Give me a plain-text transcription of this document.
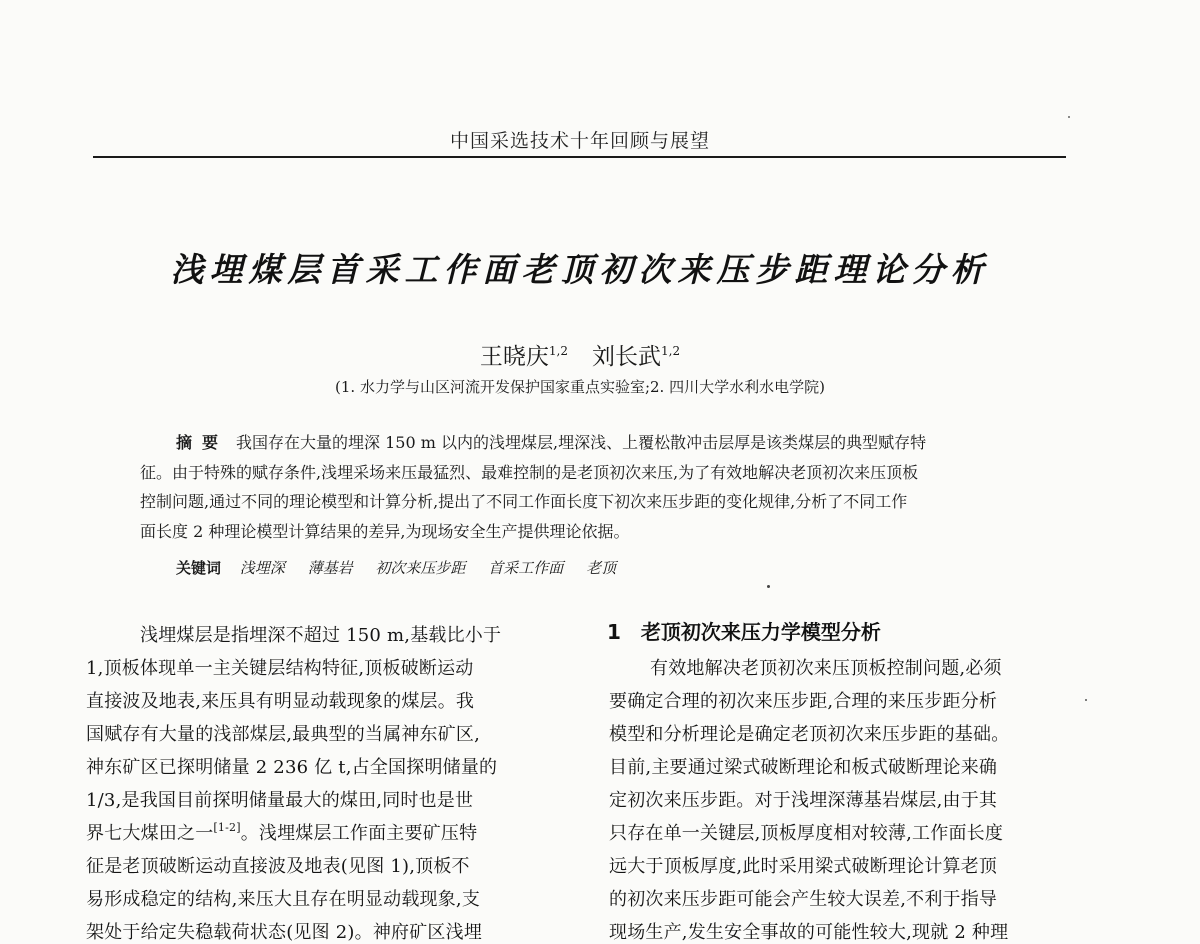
中国采选技术十年回顾与展望
浅埋煤层首采工作面老顶初次来压步距理论分析
王晓庆$^{1,2}$ 刘长武$^{1,2}$
(1. 水力学与山区河流开发保护国家重点实验室;2. 四川大学水利水电学院)
摘要 我国存在大量的埋深 150 m 以内的浅埋煤层,埋深浅、上覆松散冲击层厚是该类煤层的典型赋存特
征。由于特殊的赋存条件,浅埋采场来压最猛烈、最难控制的是老顶初次来压,为了有效地解决老顶初次来压顶板
控制问题,通过不同的理论模型和计算分析,提出了不同工作面长度下初次来压步距的变化规律,分析了不同工作
面长度 2 种理论模型计算结果的差异,为现场安全生产提供理论依据。
关键词 浅埋深 薄基岩 初次来压步距 首采工作面 老顶
浅埋煤层是指埋深不超过 150 m,基载比小于
1,顶板体现单一主关键层结构特征,顶板破断运动
直接波及地表,来压具有明显动载现象的煤层。我
国赋存有大量的浅部煤层,最典型的当属神东矿区,
神东矿区已探明储量 2 236 亿 t,占全国探明储量的
1/3,是我国目前探明储量最大的煤田,同时也是世
界七大煤田之一[1-2]。浅埋煤层工作面主要矿压特
征是老顶破断运动直接波及地表(见图 1),顶板不
易形成稳定的结构,来压大且存在明显动载现象,支
架处于给定失稳载荷状态(见图 2)。神府矿区浅埋
1 老顶初次来压力学模型分析
有效地解决老顶初次来压顶板控制问题,必须
要确定合理的初次来压步距,合理的来压步距分析
模型和分析理论是确定老顶初次来压步距的基础。
目前,主要通过梁式破断理论和板式破断理论来确
定初次来压步距。对于浅埋深薄基岩煤层,由于其
只存在单一关键层,顶板厚度相对较薄,工作面长度
远大于顶板厚度,此时采用梁式破断理论计算老顶
的初次来压步距可能会产生较大误差,不利于指导
现场生产,发生安全事故的可能性较大,现就 2 种理
